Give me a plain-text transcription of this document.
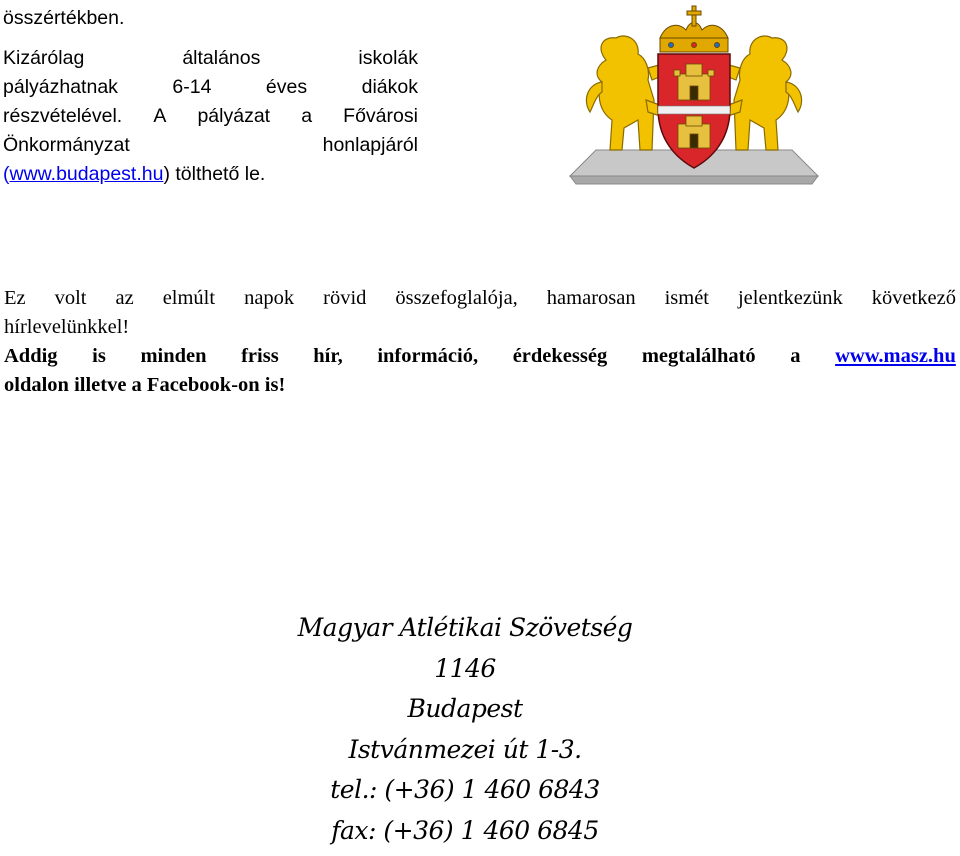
összértékben.
Kizárólag	általános	iskolák
pályázhatnak	6-14	éves	diákok
részvételével. A pályázat a Fővárosi
Önkormányzat	honlapjáról
(www.budapest.hu) tölthető le.
Ez volt az elmúlt napok rövid összefoglalója, hamarosan ismét jelentkezünk következő
hírlevelünkkel!
Addig is minden friss hír, információ, érdekesség megtalálható a www.masz.hu
oldalon illetve a Facebook-on is!
Magyar Atlétikai Szövetség
1146
Budapest
Istvánmezei út 1-3.
tel.: (+36) 1 460 6843
fax: (+36) 1 460 6845
